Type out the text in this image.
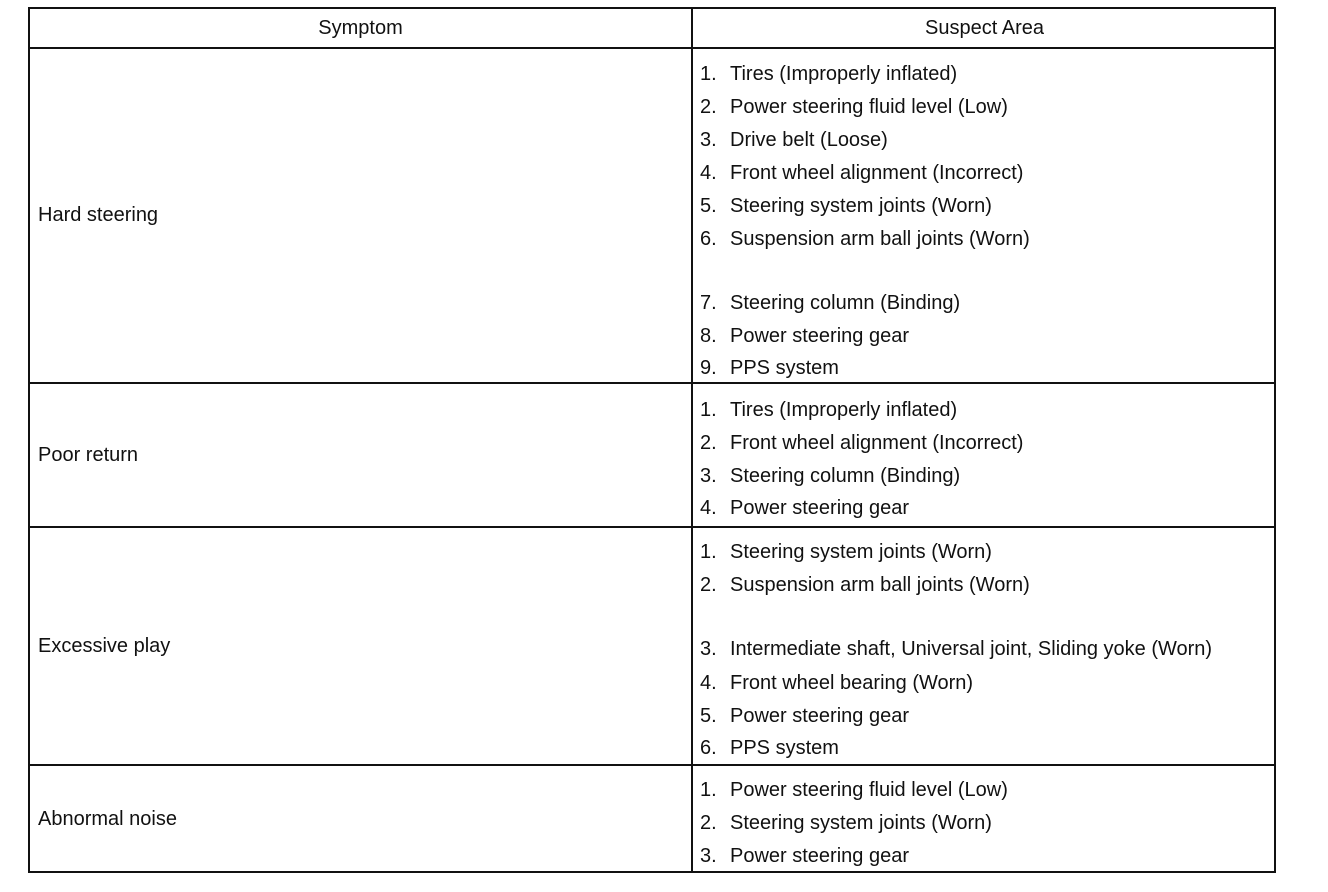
Symptom	Suspect Area
Hard steering
1. Tires (Improperly inflated)
2. Power steering fluid level (Low)
3. Drive belt (Loose)
4. Front wheel alignment (Incorrect)
5. Steering system joints (Worn)
6. Suspension arm ball joints (Worn)
7. Steering column (Binding)
8. Power steering gear
9. PPS system
Poor return
1. Tires (Improperly inflated)
2. Front wheel alignment (Incorrect)
3. Steering column (Binding)
4. Power steering gear
Excessive play
1. Steering system joints (Worn)
2. Suspension arm ball joints (Worn)
3. Intermediate shaft, Universal joint, Sliding yoke (Worn)
4. Front wheel bearing (Worn)
5. Power steering gear
6. PPS system
Abnormal noise
1. Power steering fluid level (Low)
2. Steering system joints (Worn)
3. Power steering gear
